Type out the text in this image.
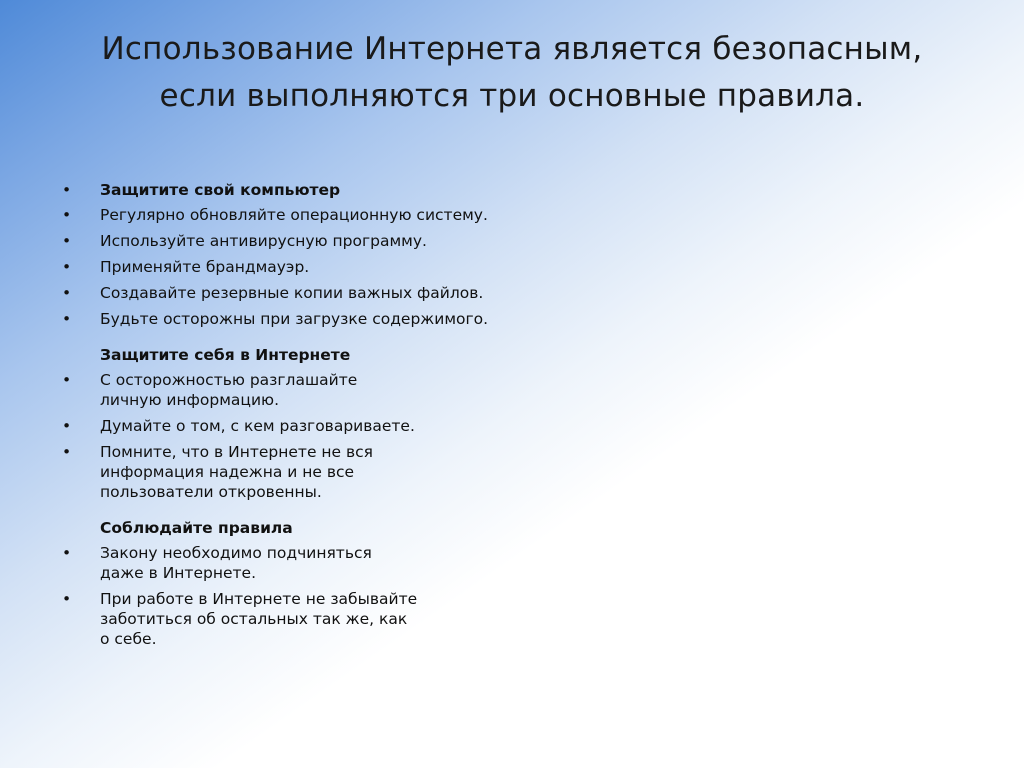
Использование Интернета является безопасным,
если выполняются три основные правила.
• Защитите свой компьютер
• Регулярно обновляйте операционную систему.
• Используйте антивирусную программу.
• Применяйте брандмауэр.
• Создавайте резервные копии важных файлов.
• Будьте осторожны при загрузке содержимого.
Защитите себя в Интернете
• С осторожностью разглашайте
личную информацию.
• Думайте о том, с кем разговариваете.
• Помните, что в Интернете не вся
информация надежна и не все
пользователи откровенны.
Соблюдайте правила
• Закону необходимо подчиняться
даже в Интернете.
• При работе в Интернете не забывайте
заботиться об остальных так же, как
о себе.
